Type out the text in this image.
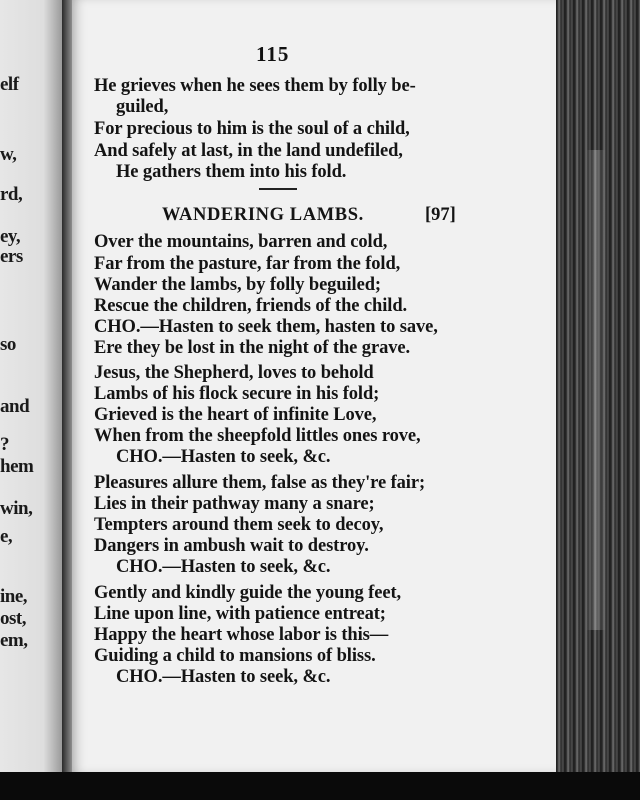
elf
w,
rd,
ey,
ers
so
and
?
hem
win,
e,
ine,
ost,
em,
115
He grieves when he sees them by folly be-
guiled,
For precious to him is the soul of a child,
And safely at last, in the land undefiled,
He gathers them into his fold.
WANDERING LAMBS.	[97]
Over the mountains, barren and cold,
Far from the pasture, far from the fold,
Wander the lambs, by folly beguiled;
Rescue the children, friends of the child.
CHO.—Hasten to seek them, hasten to save,
Ere they be lost in the night of the grave.
Jesus, the Shepherd, loves to behold
Lambs of his flock secure in his fold;
Grieved is the heart of infinite Love,
When from the sheepfold littles ones rove,
CHO.—Hasten to seek, &c.
Pleasures allure them, false as they're fair;
Lies in their pathway many a snare;
Tempters around them seek to decoy,
Dangers in ambush wait to destroy.
CHO.—Hasten to seek, &c.
Gently and kindly guide the young feet,
Line upon line, with patience entreat;
Happy the heart whose labor is this—
Guiding a child to mansions of bliss.
CHO.—Hasten to seek, &c.
